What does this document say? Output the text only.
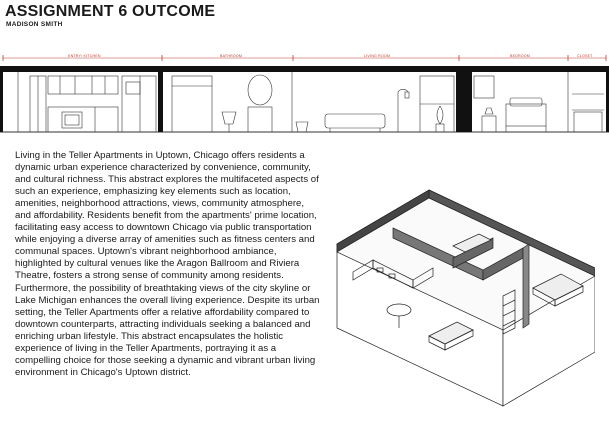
ASSIGNMENT 6 OUTCOME
MADISON SMITH
ENTRY/ KITCHEN	BATHROOM	LIVING ROOM	BEDROOM	CLOSET
Living in the Teller Apartments in Uptown, Chicago offers residents a dynamic urban experience characterized by convenience, community, and cultural richness. This abstract explores the multifaceted aspects of such an experience, emphasizing key elements such as location, amenities, neighborhood attractions, views, community atmosphere, and affordability. Residents benefit from the apartments' prime location, facilitating easy access to downtown Chicago via public transportation while enjoying a diverse array of amenities such as fitness centers and communal spaces. Uptown's vibrant neighborhood ambiance, highlighted by cultural venues like the Aragon Ballroom and Riviera Theatre, fosters a strong sense of community among residents. Furthermore, the possibility of breathtaking views of the city skyline or Lake Michigan enhances the overall living experience. Despite its urban setting, the Teller Apartments offer a relative affordability compared to downtown counterparts, attracting individuals seeking a balanced and enriching urban lifestyle. This abstract encapsulates the holistic experience of living in the Teller Apartments, portraying it as a compelling choice for those seeking a dynamic and vibrant urban living environment in Chicago's Uptown district.
